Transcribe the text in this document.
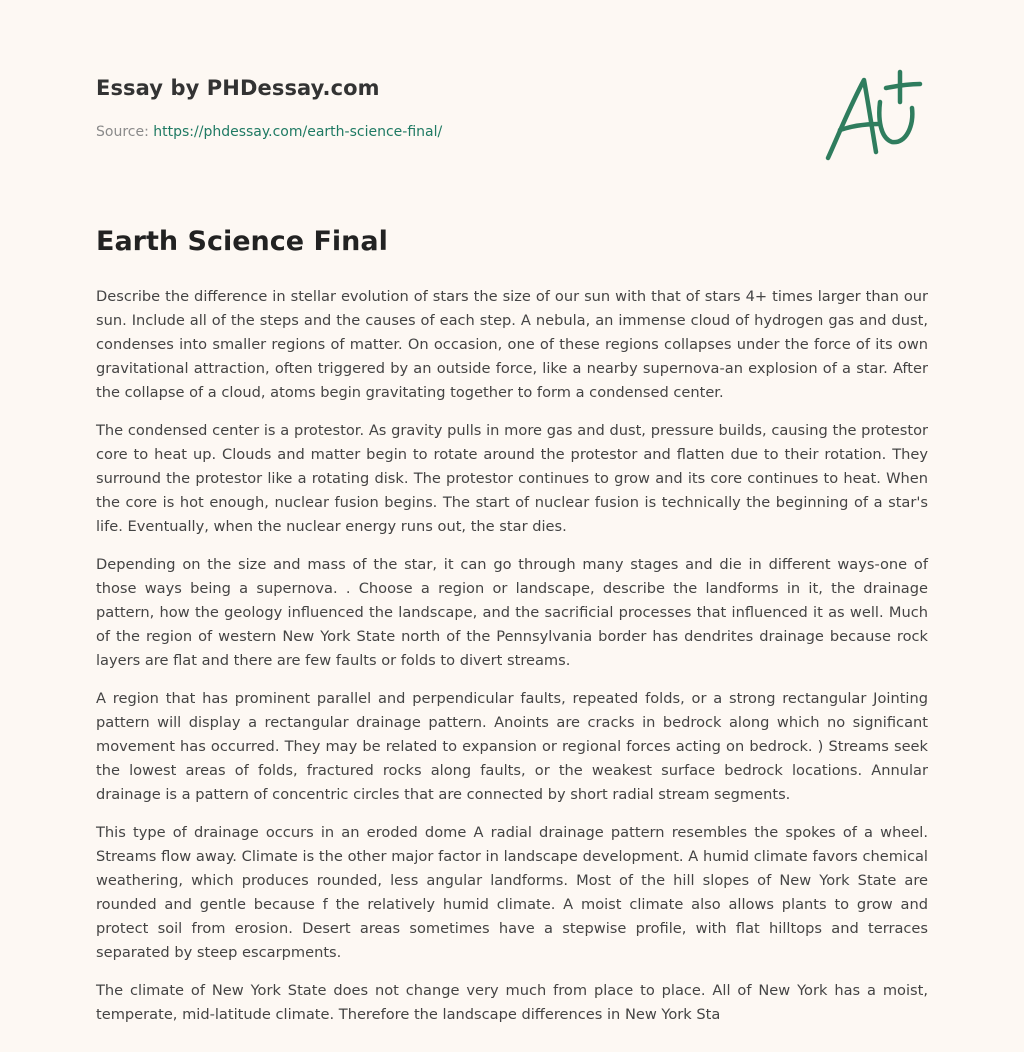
Essay by PHDessay.com
Source: https://phdessay.com/earth-science-final/
Earth Science Final

Describe the difference in stellar evolution of stars the size of our sun with that of stars 4+ times larger than our sun. Include all of the steps and the causes of each step. A nebula, an immense cloud of hydrogen gas and dust, condenses into smaller regions of matter. On occasion, one of these regions collapses under the force of its own gravitational attraction, often triggered by an outside force, like a nearby supernova-an explosion of a star. After the collapse of a cloud, atoms begin gravitating together to form a condensed center.

The condensed center is a protestor. As gravity pulls in more gas and dust, pressure builds, causing the protestor core to heat up. Clouds and matter begin to rotate around the protestor and flatten due to their rotation. They surround the protestor like a rotating disk. The protestor continues to grow and its core continues to heat. When the core is hot enough, nuclear fusion begins. The start of nuclear fusion is technically the beginning of a star's life. Eventually, when the nuclear energy runs out, the star dies.

Depending on the size and mass of the star, it can go through many stages and die in different ways-one of those ways being a supernova. . Choose a region or landscape, describe the landforms in it, the drainage pattern, how the geology influenced the landscape, and the sacrificial processes that influenced it as well. Much of the region of western New York State north of the Pennsylvania border has dendrites drainage because rock layers are flat and there are few faults or folds to divert streams.

A region that has prominent parallel and perpendicular faults, repeated folds, or a strong rectangular Jointing pattern will display a rectangular drainage pattern. Anoints are cracks in bedrock along which no significant movement has occurred. They may be related to expansion or regional forces acting on bedrock. ) Streams seek the lowest areas of folds, fractured rocks along faults, or the weakest surface bedrock locations. Annular drainage is a pattern of concentric circles that are connected by short radial stream segments.

This type of drainage occurs in an eroded dome A radial drainage pattern resembles the spokes of a wheel. Streams flow away. Climate is the other major factor in landscape development. A humid climate favors chemical weathering, which produces rounded, less angular landforms. Most of the hill slopes of New York State are rounded and gentle because f the relatively humid climate. A moist climate also allows plants to grow and protect soil from erosion. Desert areas sometimes have a stepwise profile, with flat hilltops and terraces separated by steep escarpments.

The climate of New York State does not change very much from place to place. All of New York has a moist, temperate, mid-latitude climate. Therefore the landscape differences in New York Sta
